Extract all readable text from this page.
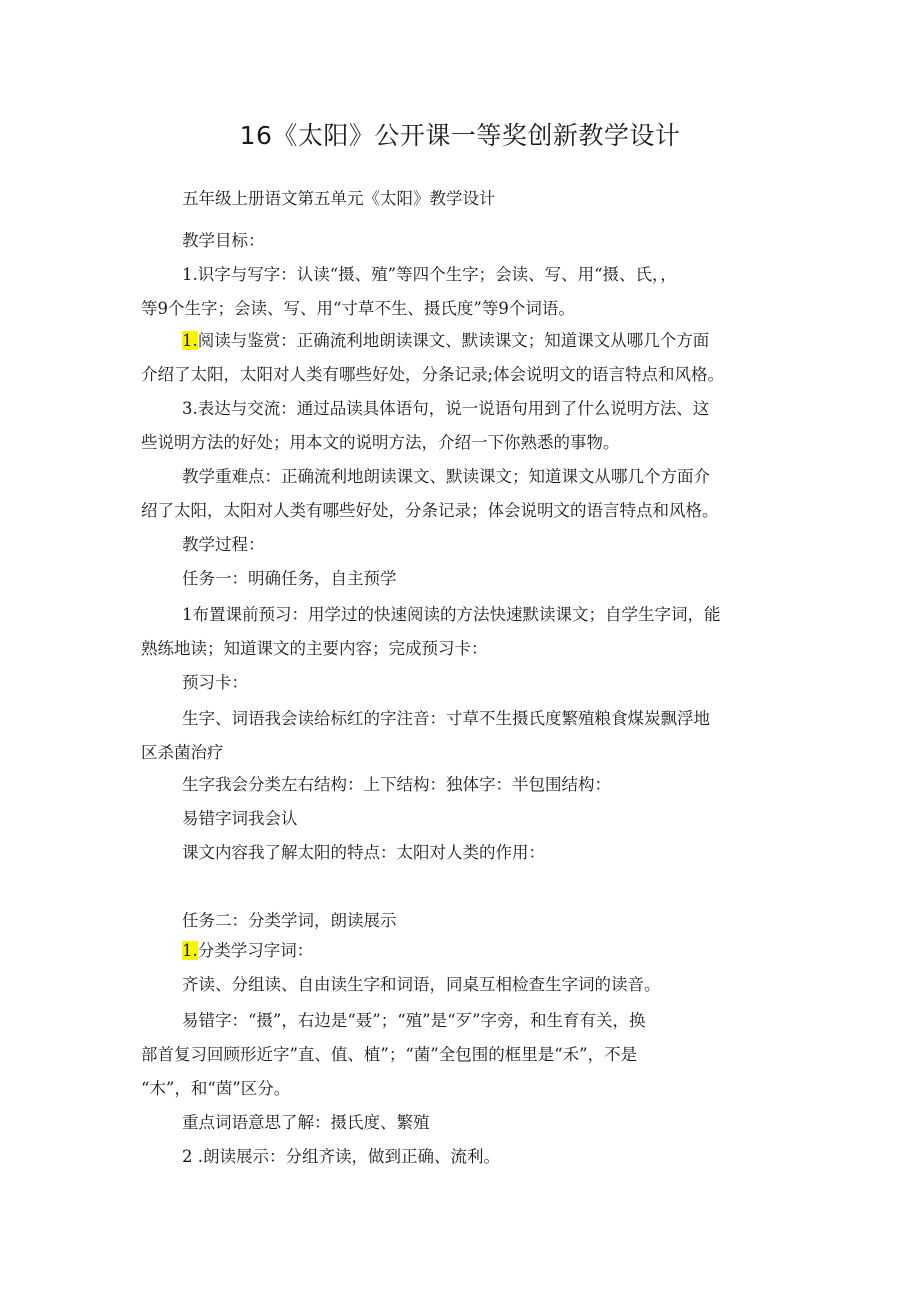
16《太阳》公开课一等奖创新教学设计
五年级上册语文第五单元《太阳》教学设计
教学目标：
1.识字与写字：认读“摄、殖”等四个生字；会读、写、用“摄、氏，，
等9个生字；会读、写、用“寸草不生、摄氏度”等9个词语。
1.阅读与鉴赏：正确流利地朗读课文、默读课文；知道课文从哪几个方面
介绍了太阳，太阳对人类有哪些好处，分条记录;体会说明文的语言特点和风格。
3.表达与交流：通过品读具体语句，说一说语句用到了什么说明方法、这
些说明方法的好处；用本文的说明方法，介绍一下你熟悉的事物。
教学重难点：正确流利地朗读课文、默读课文；知道课文从哪几个方面介
绍了太阳，太阳对人类有哪些好处，分条记录；体会说明文的语言特点和风格。
教学过程：
任务一：明确任务，自主预学
1布置课前预习：用学过的快速阅读的方法快速默读课文；自学生字词，能
熟练地读；知道课文的主要内容；完成预习卡：
预习卡：
生字、词语我会读给标红的字注音：寸草不生摄氏度繁殖粮食煤炭飘浮地
区杀菌治疗
生字我会分类左右结构：上下结构：独体字：半包围结构：
易错字词我会认
课文内容我了解太阳的特点：太阳对人类的作用：
任务二：分类学词，朗读展示
1.分类学习字词：
齐读、分组读、自由读生字和词语，同桌互相检查生字词的读音。
易错字：“摄”，右边是“聂”；“殖”是“歹”字旁，和生育有关，换
部首复习回顾形近字”直、值、植”；“菌”全包围的框里是“禾”，不是
“木”，和“茵”区分。
重点词语意思了解：摄氏度、繁殖
2 .朗读展示：分组齐读，做到正确、流利。
